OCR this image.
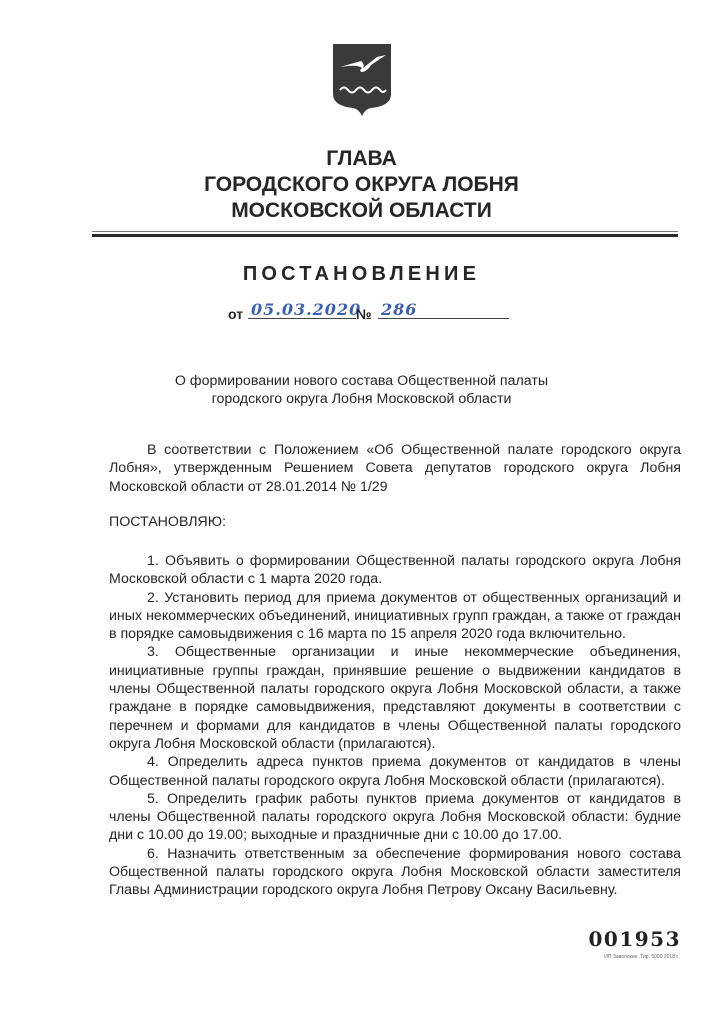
ГЛАВА
ГОРОДСКОГО ОКРУГА ЛОБНЯ
МОСКОВСКОЙ ОБЛАСТИ
ПОСТАНОВЛЕНИЕ
от 05.03.2020
№ 286
О формировании нового состава Общественной палаты
городского округа Лобня Московской области

В соответствии с Положением «Об Общественной палате городского округа Лобня», утвержденным Решением Совета депутатов городского округа Лобня Московской области от 28.01.2014 № 1/29

ПОСТАНОВЛЯЮ:

1. Объявить о формировании Общественной палаты городского округа Лобня Московской области с 1 марта 2020 года.

2. Установить период для приема документов от общественных организаций и иных некоммерческих объединений, инициативных групп граждан, а также от граждан в порядке самовыдвижения с 16 марта по 15 апреля 2020 года включительно.

3. Общественные организации и иные некоммерческие объединения, инициативные группы граждан, принявшие решение о выдвижении кандидатов в члены Общественной палаты городского округа Лобня Московской области, а также граждане в порядке самовыдвижения, представляют документы в соответствии с перечнем и формами для кандидатов в члены Общественной палаты городского округа Лобня Московской области (прилагаются).

4. Определить адреса пунктов приема документов от кандидатов в члены Общественной палаты городского округа Лобня Московской области (прилагаются).

5. Определить график работы пунктов приема документов от кандидатов в члены Общественной палаты городского округа Лобня Московской области: будние дни с 10.00 до 19.00; выходные и праздничные дни с 10.00 до 17.00.

6. Назначить ответственным за обеспечение формирования нового состава Общественной палаты городского округа Лобня Московской области заместителя Главы Администрации городского округа Лобня Петрову Оксану Васильевну.

001953
ИП Заволокин. Тир. 5000 2018 г.
